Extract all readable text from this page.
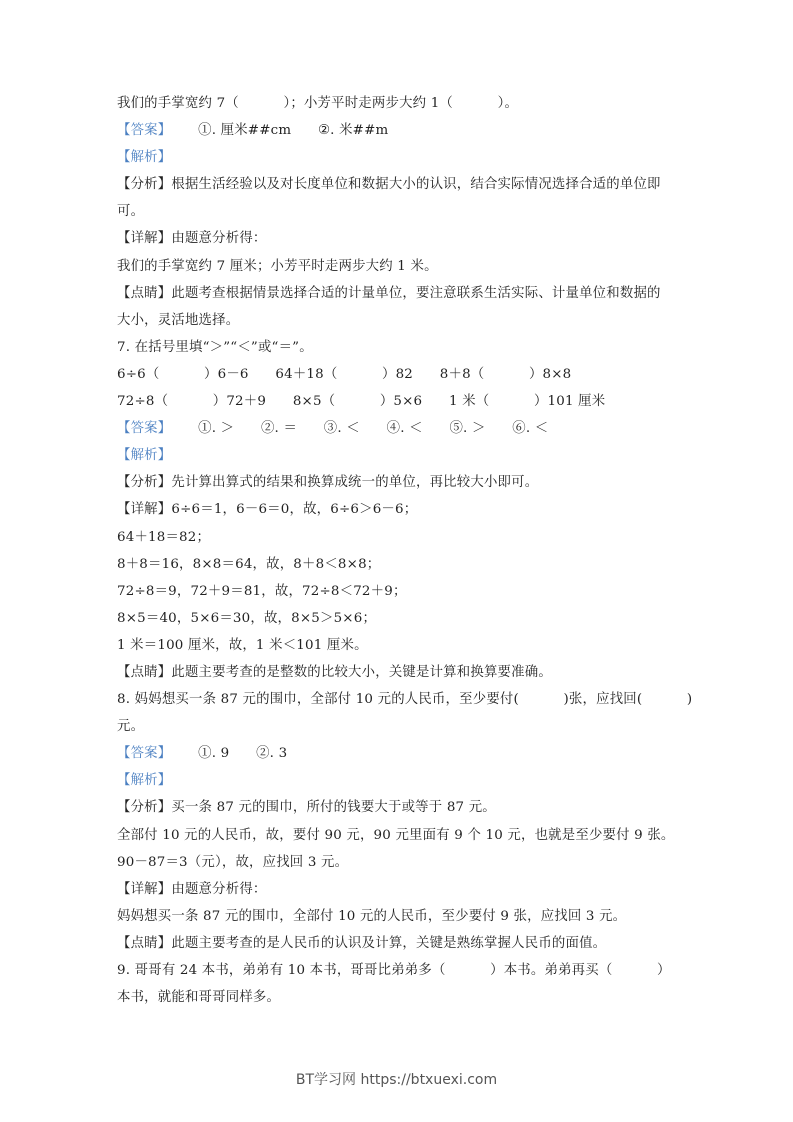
我们的手掌宽约 7（          ）；小芳平时走两步大约 1（          ）。
【答案】      ①. 厘米##cm      ②. 米##m
【解析】
【分析】根据生活经验以及对长度单位和数据大小的认识，结合实际情况选择合适的单位即
可。
【详解】由题意分析得：
我们的手掌宽约 7 厘米；小芳平时走两步大约 1 米。
【点睛】此题考查根据情景选择合适的计量单位，要注意联系生活实际、计量单位和数据的
大小，灵活地选择。
7. 在括号里填“＞”“＜”或“＝”。
6÷6（          ）6－6      64＋18（          ）82      8＋8（          ）8×8
72÷8（          ）72＋9      8×5（          ）5×6      1 米（          ）101 厘米
【答案】      ①. ＞      ②. ＝      ③. ＜      ④. ＜      ⑤. ＞      ⑥. ＜
【解析】
【分析】先计算出算式的结果和换算成统一的单位，再比较大小即可。
【详解】6÷6＝1，6－6＝0，故，6÷6＞6－6；
64＋18＝82；
8＋8＝16，8×8＝64，故，8＋8＜8×8；
72÷8＝9，72＋9＝81，故，72÷8＜72＋9；
8×5＝40，5×6＝30，故，8×5＞5×6；
1 米＝100 厘米，故，1 米＜101 厘米。
【点睛】此题主要考查的是整数的比较大小，关键是计算和换算要准确。
8. 妈妈想买一条 87 元的围巾，全部付 10 元的人民币，至少要付(          )张，应找回(          )
元。
【答案】      ①. 9      ②. 3
【解析】
【分析】买一条 87 元的围巾，所付的钱要大于或等于 87 元。
全部付 10 元的人民币，故，要付 90 元，90 元里面有 9 个 10 元，也就是至少要付 9 张。
90－87＝3（元），故，应找回 3 元。
【详解】由题意分析得：
妈妈想买一条 87 元的围巾，全部付 10 元的人民币，至少要付 9 张，应找回 3 元。
【点睛】此题主要考查的是人民币的认识及计算，关键是熟练掌握人民币的面值。
9. 哥哥有 24 本书，弟弟有 10 本书，哥哥比弟弟多（          ）本书。弟弟再买（          ）
本书，就能和哥哥同样多。
BT学习网 https://btxuexi.com
